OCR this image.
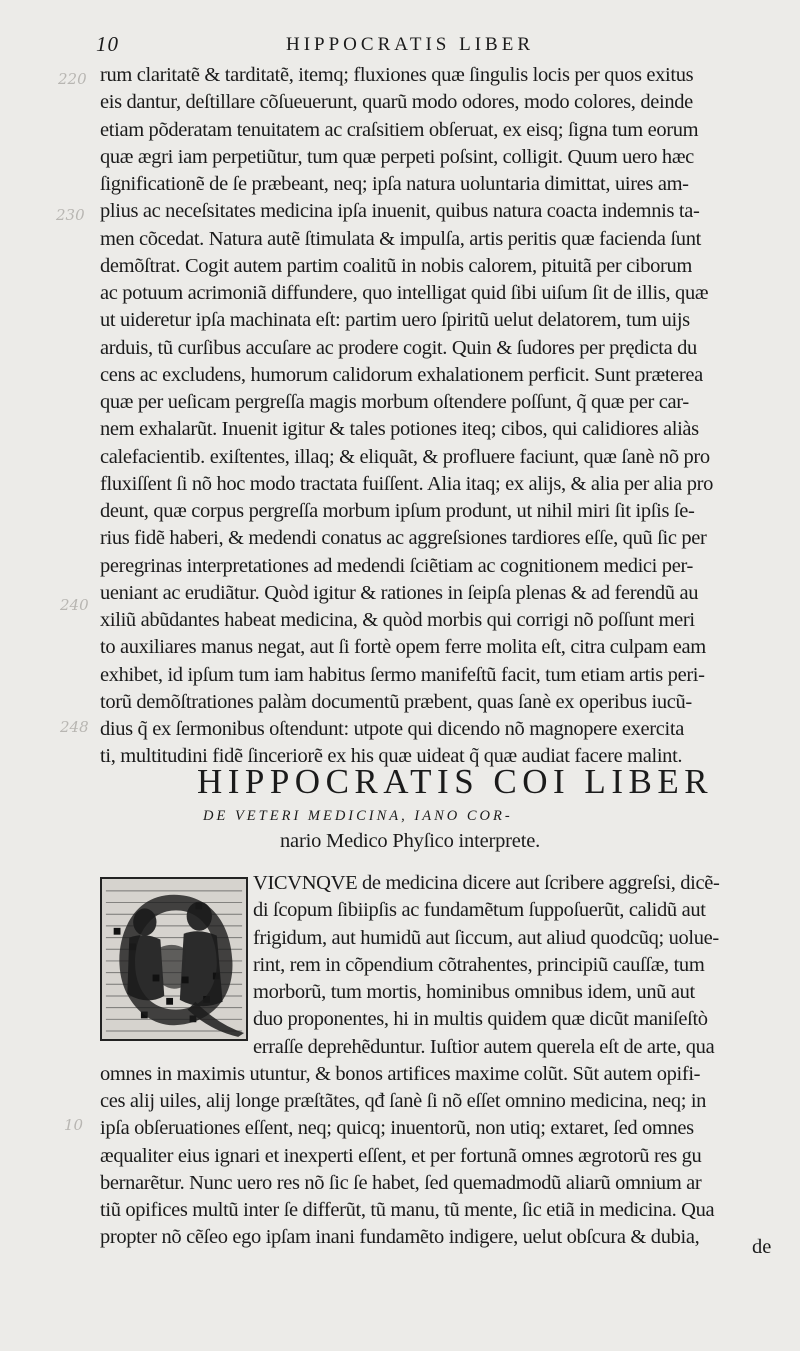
10	HIPPOCRATIS LIBER
220
230
240
248
10
rum claritatẽ & tarditatẽ, itemq; fluxiones quæ ſingulis locis per quos exitus
eis dantur, deſtillare cõſueuerunt, quarũ modo odores, modo colores, deinde
etiam põderatam tenuitatem ac craſsitiem obſeruat, ex eisq; ſigna tum eorum
quæ ægri iam perpetiũtur, tum quæ perpeti poſsint, colligit. Quum uero hæc
ſignificationẽ de ſe præbeant, neq; ipſa natura uoluntaria dimittat, uires am-
plius ac neceſsitates medicina ipſa inuenit, quibus natura coacta indemnis ta-
men cõcedat. Natura autẽ ſtimulata & impulſa, artis peritis quæ facienda ſunt
demõſtrat. Cogit autem partim coalitũ in nobis calorem, pituitã per ciborum
ac potuum acrimoniã diffundere, quo intelligat quid ſibi uiſum ſit de illis, quæ
ut uideretur ipſa machinata eſt: partim uero ſpiritũ uelut delatorem, tum uijs
arduis, tũ curſibus accuſare ac prodere cogit. Quin & ſudores per prędicta du
cens ac excludens, humorum calidorum exhalationem perficit. Sunt præterea
quæ per ueſicam pergreſſa magis morbum oſtendere poſſunt, q̃ quæ per car-
nem exhalarũt. Inuenit igitur & tales potiones iteq; cibos, qui calidiores aliàs
calefacientib. exiſtentes, illaq; & eliquãt, & profluere faciunt, quæ ſanè nõ pro
fluxiſſent ſi nõ hoc modo tractata fuiſſent. Alia itaq; ex alijs, & alia per alia pro
deunt, quæ corpus pergreſſa morbum ipſum produnt, ut nihil miri ſit ipſis ſe-
rius fidẽ haberi, & medendi conatus ac aggreſsiones tardiores eſſe, quũ ſic per
peregrinas interpretationes ad medendi ſciẽtiam ac cognitionem medici per-
ueniant ac erudiãtur. Quòd igitur & rationes in ſeipſa plenas & ad ferendũ au
xiliũ abũdantes habeat medicina, & quòd morbis qui corrigi nõ poſſunt meri
to auxiliares manus negat, aut ſi fortè opem ferre molita eſt, citra culpam eam
exhibet, id ipſum tum iam habitus ſermo manifeſtũ facit, tum etiam artis peri-
torũ demõſtrationes palàm documentũ præbent, quas ſanè ex operibus iucũ-
dius q̃ ex ſermonibus oſtendunt: utpote qui dicendo nõ magnopere exercita
ti, multitudini fidẽ ſinceriorẽ ex his quæ uideat q̃ quæ audiat facere malint.
HIPPOCRATIS COI LIBER
DE VETERI MEDICINA, IANO COR-
nario Medico Phyſico interprete.
VICVNQVE de medicina dicere aut ſcribere aggreſsi, dicẽ-
di ſcopum ſibiipſis ac fundamẽtum ſuppoſuerũt, calidũ aut
frigidum, aut humidũ aut ſiccum, aut aliud quodcũq; uolue-
rint, rem in cõpendium cõtrahentes, principiũ cauſſæ, tum
morborũ, tum mortis, hominibus omnibus idem, unũ aut
duo proponentes, hi in multis quidem quæ dicũt maniſeſtò
erraſſe deprehẽduntur. Iuſtior autem querela eſt de arte, qua
omnes in maximis utuntur, & bonos artifices maxime colũt. Sũt autem opifi-
ces alij uiles, alij longe præſtãtes, qđ ſanè ſi nõ eſſet omnino medicina, neq; in
ipſa obſeruationes eſſent, neq; quicq; inuentorũ, non utiq; extaret, ſed omnes
æqualiter eius ignari et inexperti eſſent, et per fortunã omnes ægrotorũ res gu
bernarẽtur. Nunc uero res nõ ſic ſe habet, ſed quemadmodũ aliarũ omnium ar
tiũ opifices multũ inter ſe differũt, tũ manu, tũ mente, ſic etiã in medicina. Qua
propter nõ cẽſeo ego ipſam inani fundamẽto indigere, uelut obſcura & dubia,	de
